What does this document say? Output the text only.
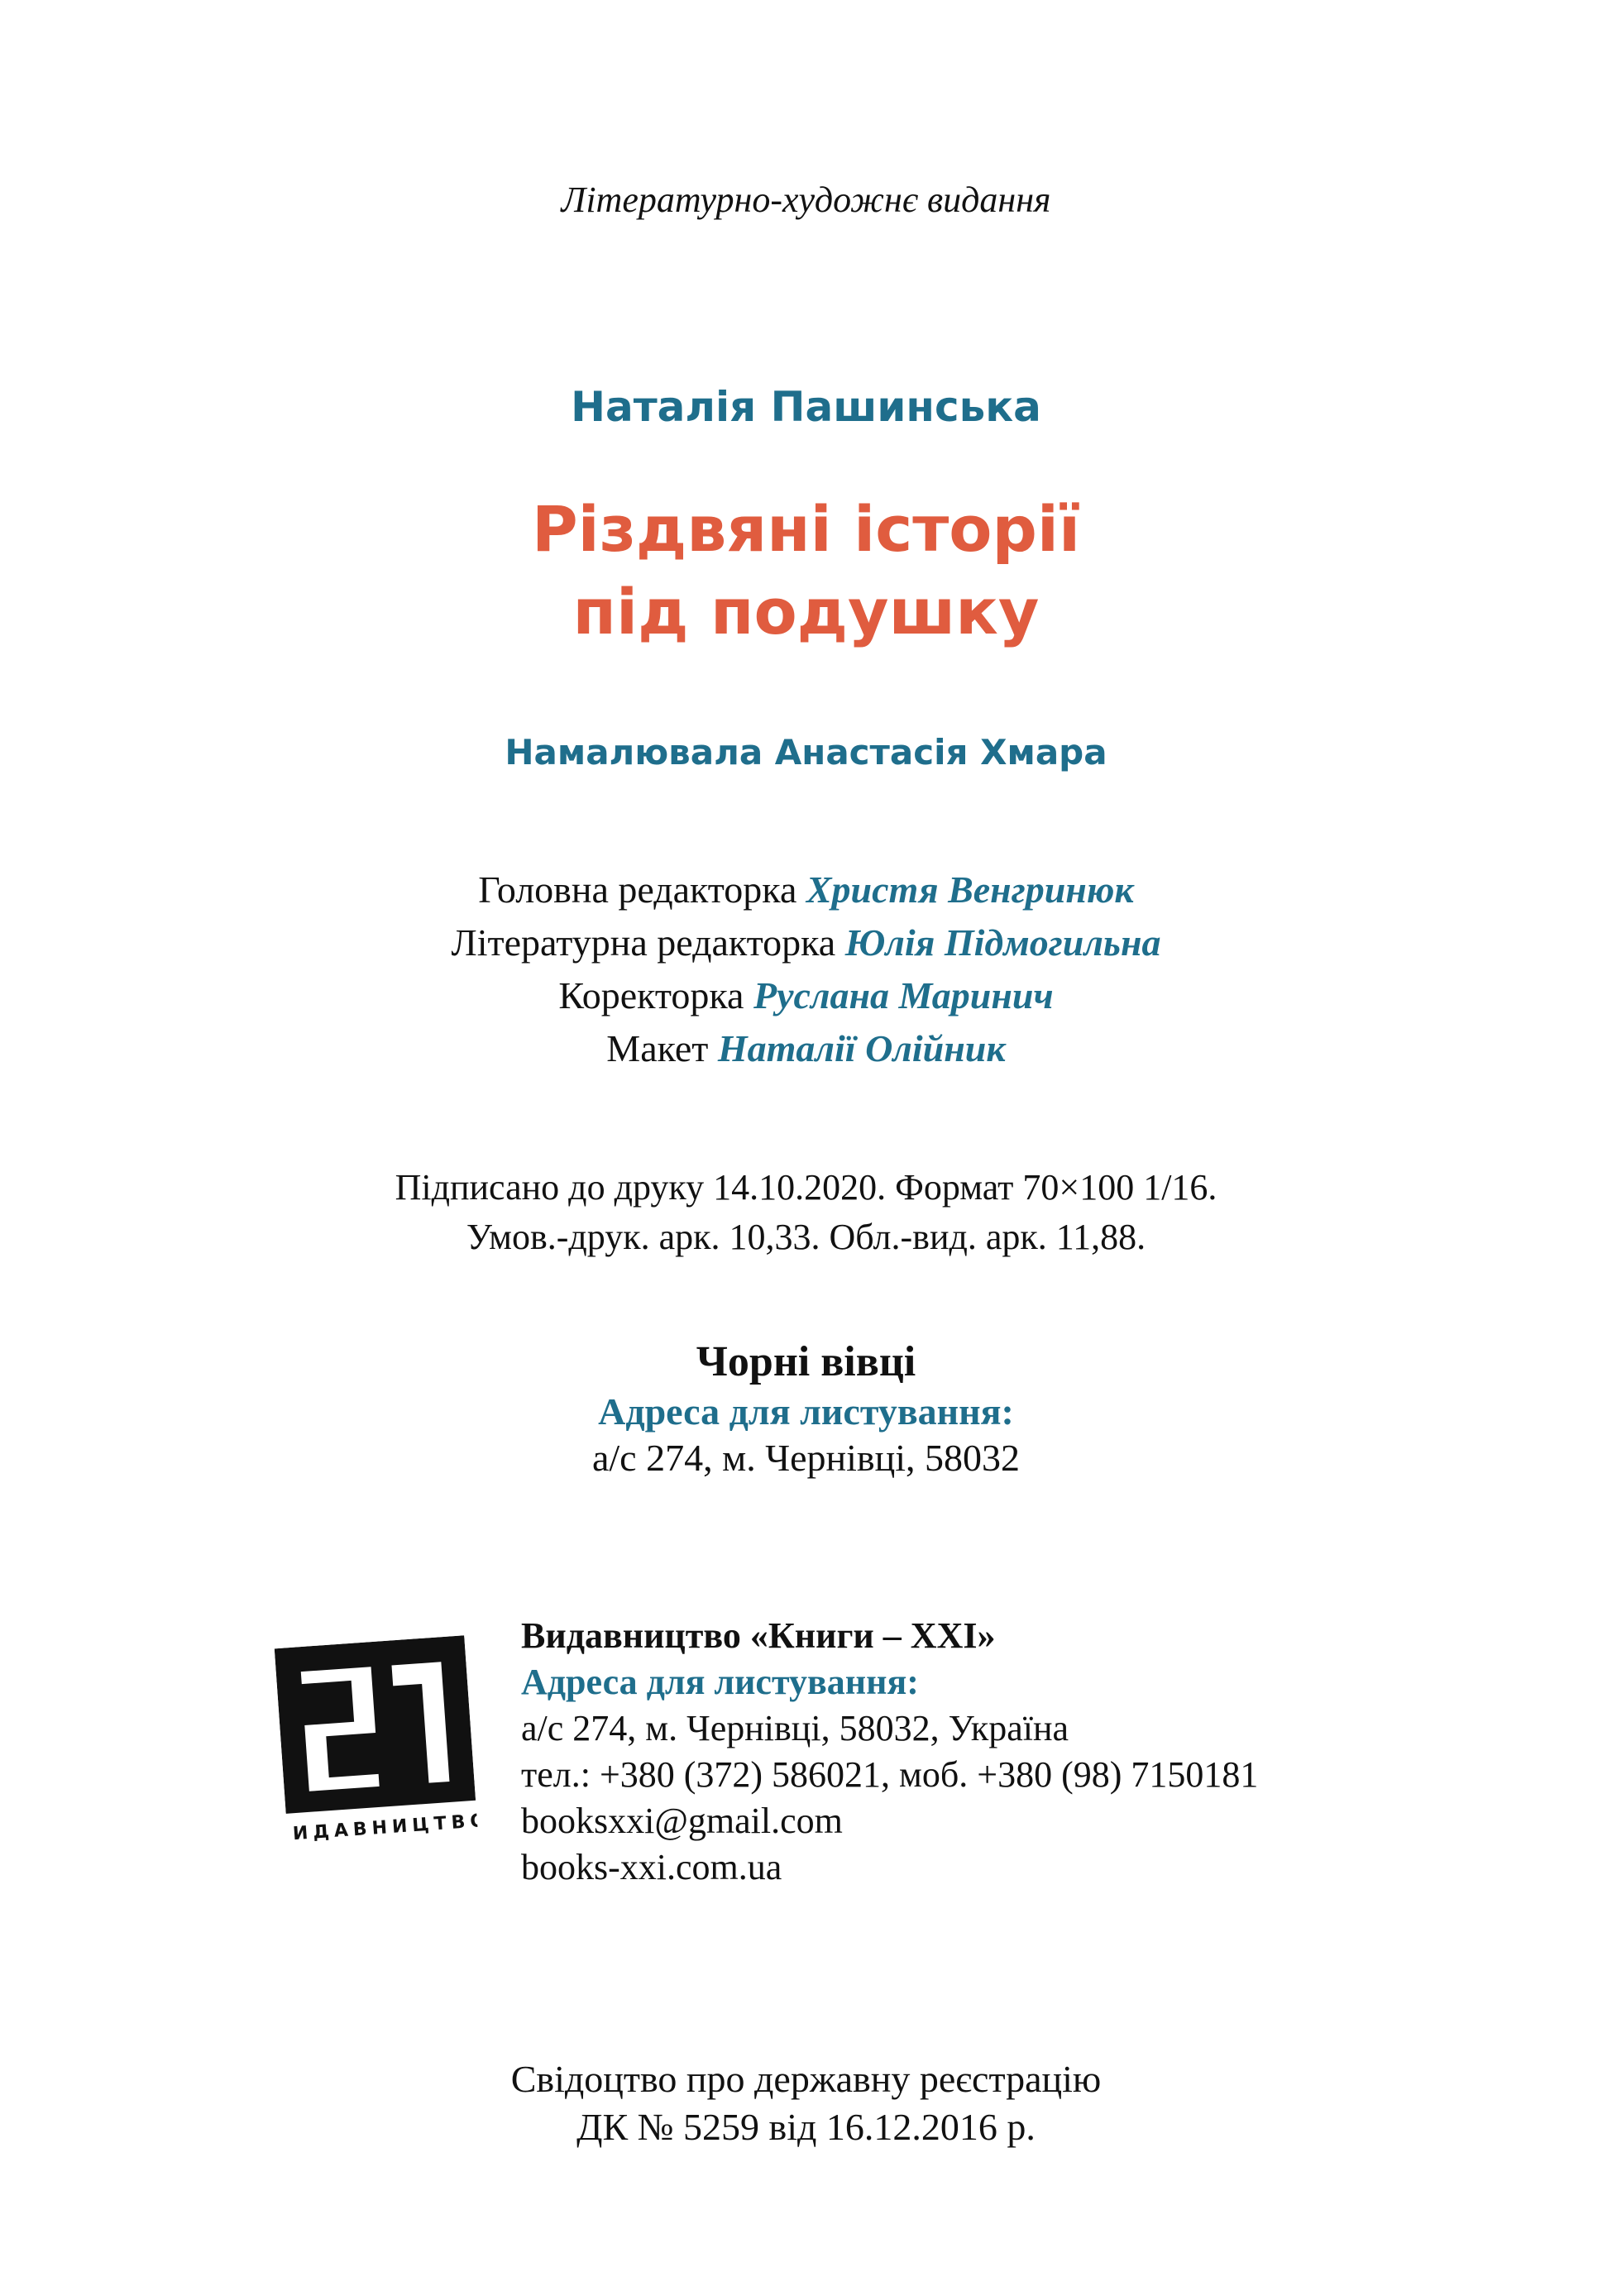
Літературно-художнє видання
Наталія Пашинська
Різдвяні історії
під подушку
Намалювала Анастасія Хмара
Головна редакторка Христя Венгринюк
Літературна редакторка Юлія Підмогильна
Коректорка Руслана Маринич
Макет Наталії Олійник
Підписано до друку 14.10.2020. Формат 70×100 1/16.
Умов.-друк. арк. 10,33. Обл.-вид. арк. 11,88.
Чорні вівці
Адреса для листування:
а/с 274, м. Чернівці, 58032
ВИДАВНИЦТВО
Видавництво «Книги – XXI»
Адреса для листування:
а/с 274, м. Чернівці, 58032, Україна
тел.: +380 (372) 586021, моб. +380 (98) 7150181
booksxxi@gmail.com
books-xxi.com.ua
Свідоцтво про державну реєстрацію
ДК № 5259 від 16.12.2016 р.
